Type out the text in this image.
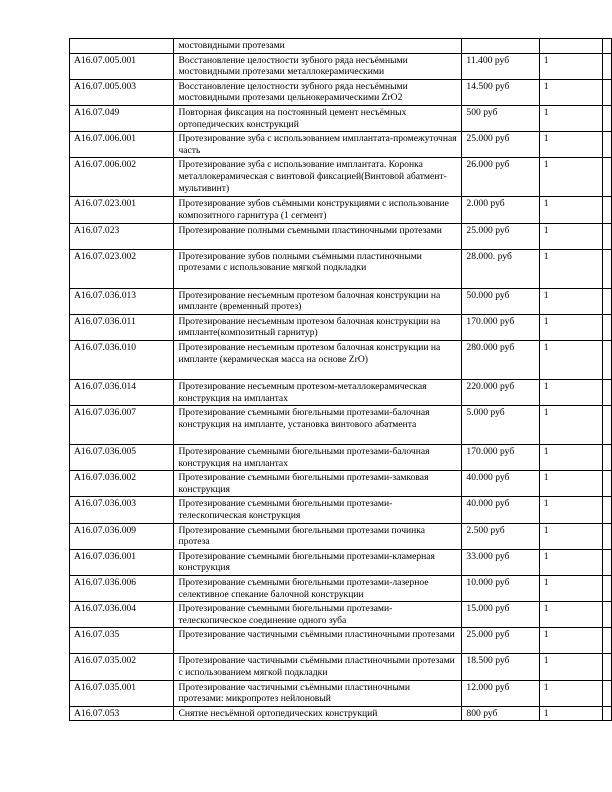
	мостовидными протезами			
A16.07.005.001	Восстановление целостности зубного ряда несъёмными мостовидными протезами металлокерамическими	11.400 руб	1	
A16.07.005.003	Восстановление целостности зубного ряда несъёмными мостовидными протезами цельнокерамическими ZrO2	14.500 руб	1	
A16.07.049	Повторная фиксация на постоянный цемент несъёмных ортопедических конструкций	500 руб	1	
A16.07.006.001	Протезирование зуба с использованием имплантата-промежуточная часть	25.000 руб	1	
A16.07.006.002	Протезирование зуба с использование имплантата. Коронка металлокерамическая с винтовой фиксацией(Винтовой абатмент-мультивинт)	26.000 руб	1	
A16.07.023.001	Протезирование зубов съёмными конструкциями с использование композитного гарнитура (1 сегмент)	2.000 руб	1	
A16.07.023	Протезирование полными съемными пластиночными протезами	25.000 руб	1	
A16.07.023.002	Протезирование зубов полными съёмными пластиночными протезами с использование мягкой подкладки	28.000. руб	1	
A16.07.036.013	Протезирование несъемным протезом балочная конструкции на импланте (временный протез)	50.000 руб	1	
A16.07.036.011	Протезирование несъемным протезом балочная конструкции на импланте(композитный гарнитур)	170.000 руб	1	
A16.07.036.010	Протезирование несъемным протезом балочная конструкции на импланте (керамическая масса на основе ZrO)	280.000 руб	1	
A16.07.036.014	Протезирование несъемным протезом-металлокерамическая конструкция на имплантах	220.000 руб	1	
A16.07.036.007	Протезирование съемными бюгельными протезами-балочная конструкция на импланте, установка винтового абатмента	5.000 руб	1	
A16.07.036.005	Протезирование съемными бюгельными протезами-балочная конструкция на имплантах	170.000 руб	1	
A16.07.036.002	Протезирование съемными бюгельными протезами-замковая конструкция	40.000 руб	1	
A16.07.036.003	Протезирование съемными бюгельными протезами-телескопическая конструкция	40.000 руб	1	
A16.07.036.009	Протезирование съемными бюгельными протезами починка протеза	2.500 руб	1	
A16.07.036.001	Протезирование съемными бюгельными протезами-кламерная конструкция	33.000 руб	1	
A16.07.036.006	Протезирование съемными бюгельными протезами-лазерное селективное спекание балочной конструкции	10.000 руб	1	
A16.07.036.004	Протезирование съемными бюгельными протезами-телескопическое соединение одного зуба	15.000 руб	1	
A16.07.035	Протезирование частичными съёмными пластиночными протезами	25.000 руб	1	
A16.07.035.002	Протезирование частичными съёмными пластиночными протезами с использованием мягкой подкладки	18.500 руб	1	
A16.07.035.001	Протезирование частичными съёмными пластиночными протезами: микропротез нейлоновый	12.000 руб	1	
A16.07.053	Снятие несъёмной ортопедических конструкций	800 руб	1	
